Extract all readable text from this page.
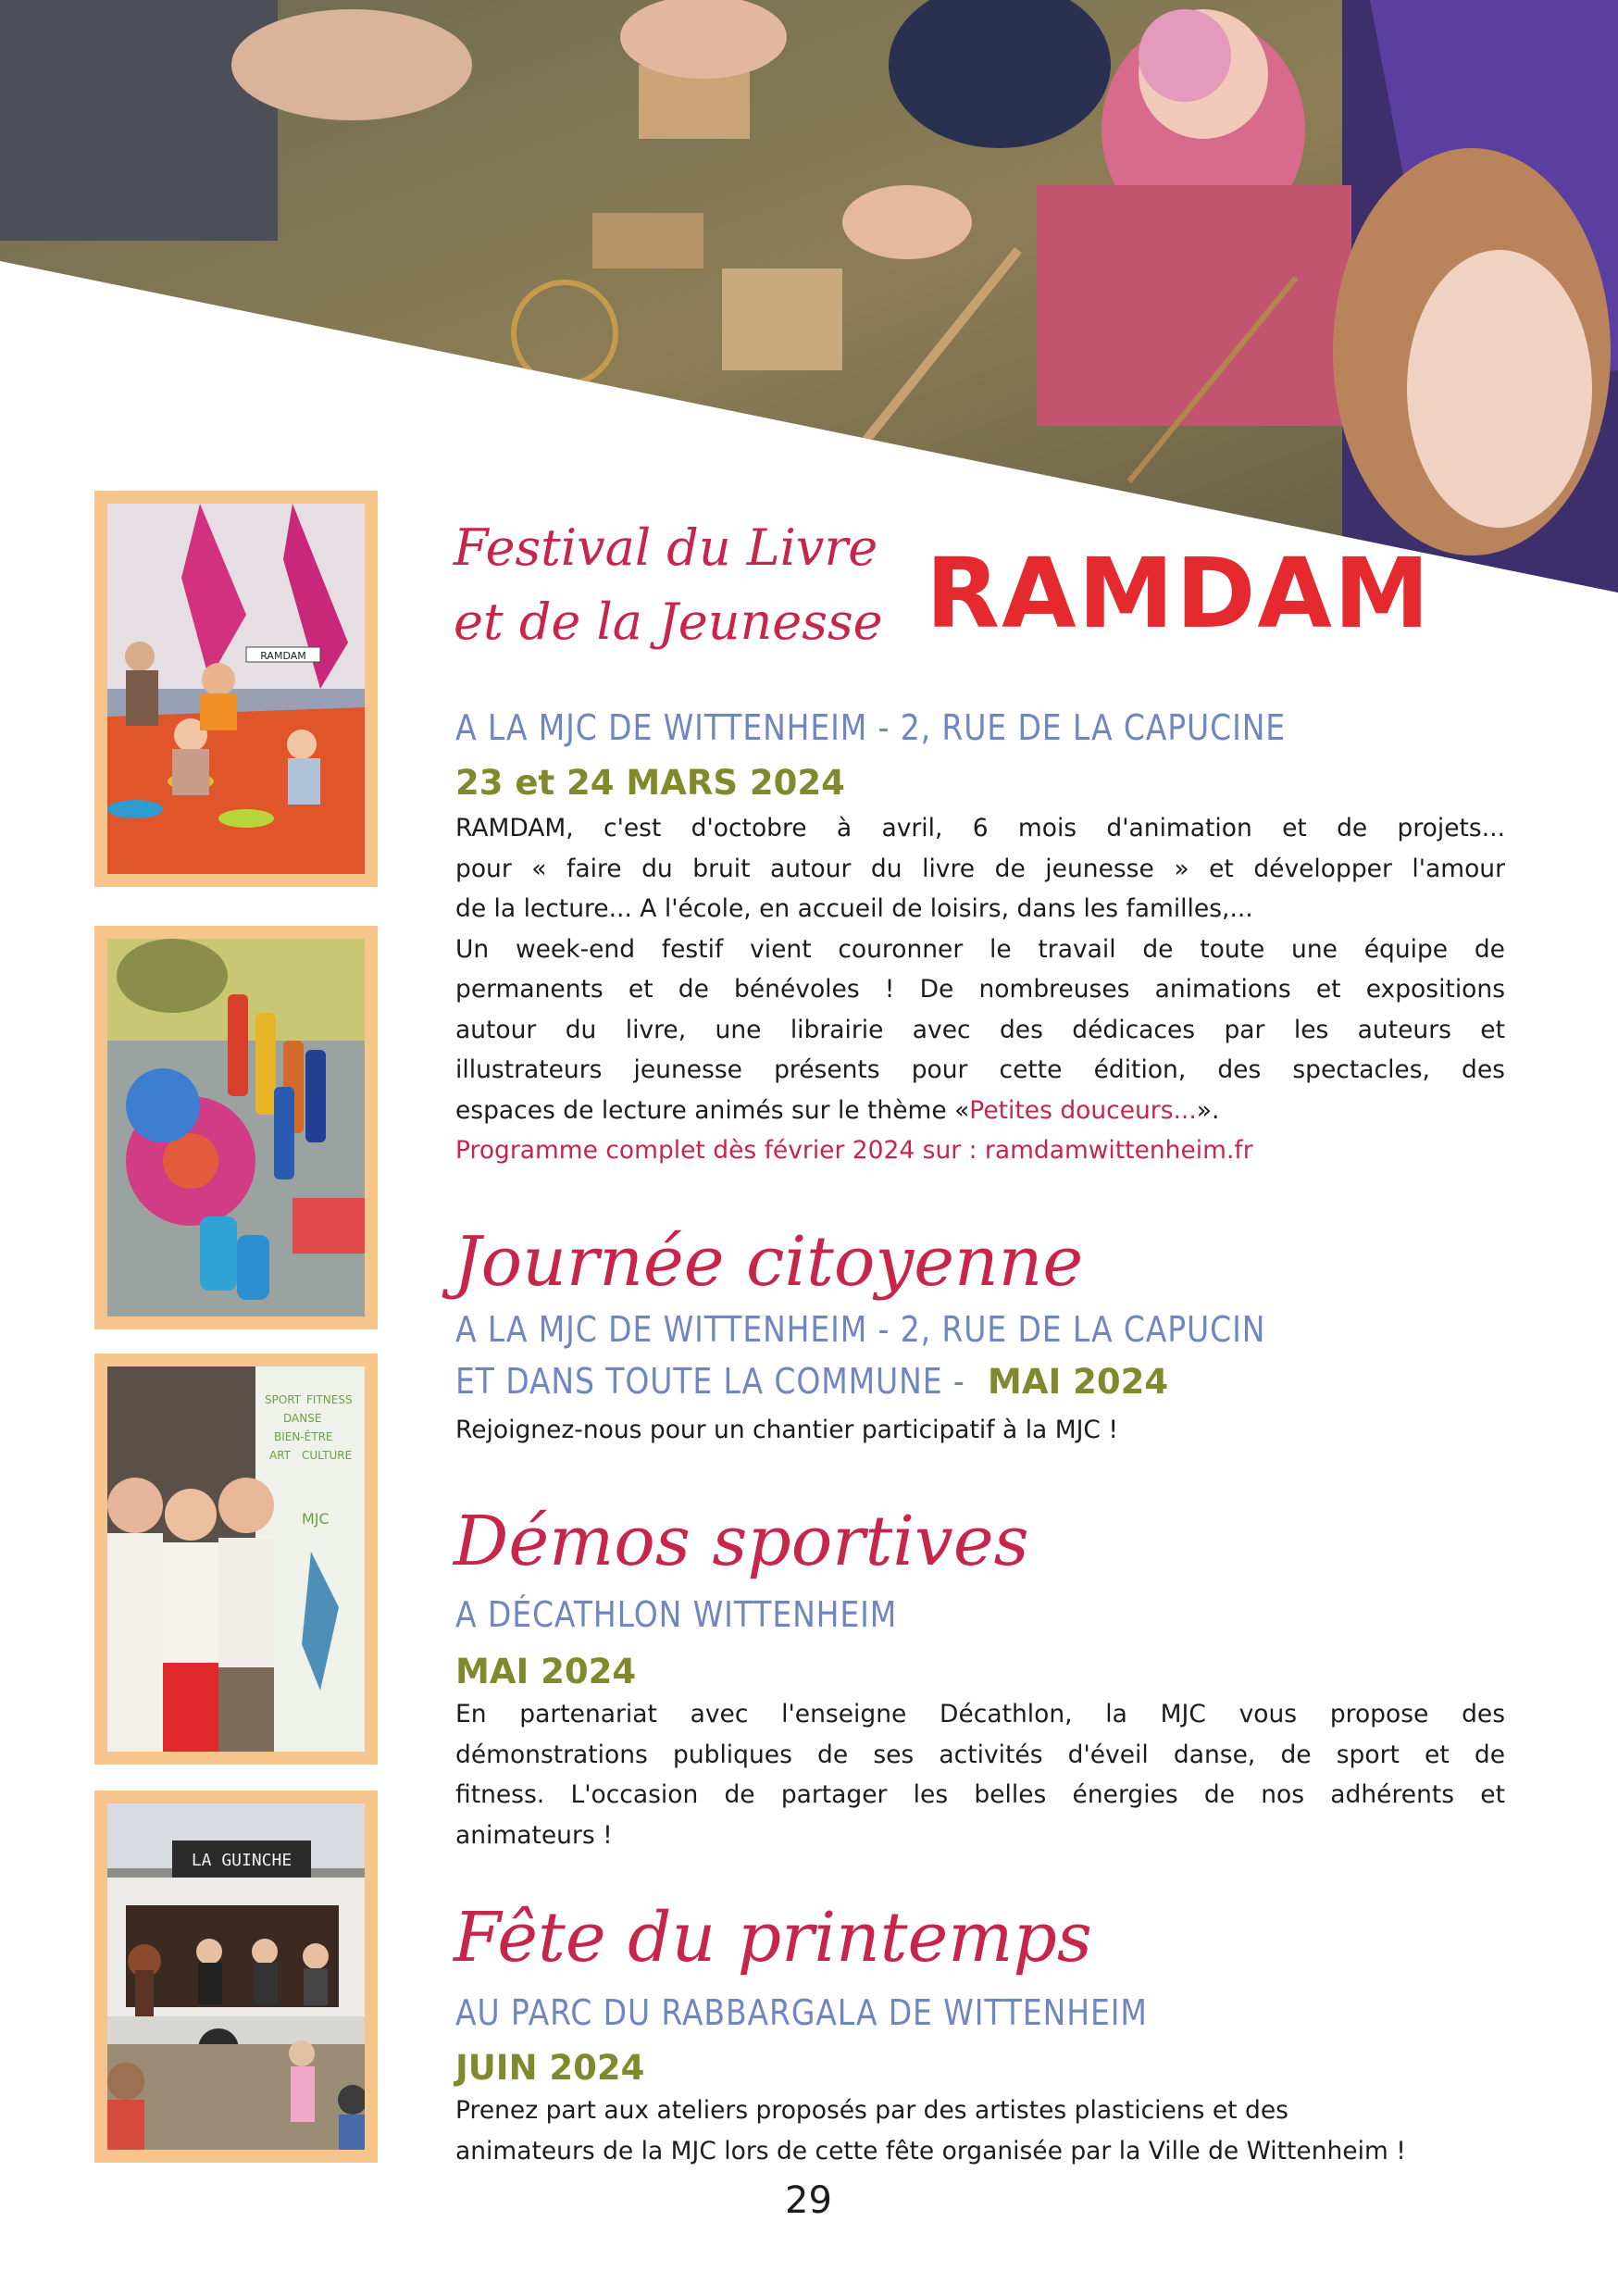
RAMDAM
SPORT FITNESS
DANSE
BIEN-ÊTRE
ART CULTURE
MJC
LA GUINCHE
Festival du Livre
et de la Jeunesse RAMDAM
A LA MJC DE WITTENHEIM - 2, RUE DE LA CAPUCINE
23 et 24 MARS 2024
RAMDAM, c'est d'octobre à avril, 6 mois d'animation et de projets...
pour « faire du bruit autour du livre de jeunesse » et développer l'amour
de la lecture... A l'école, en accueil de loisirs, dans les familles,...
Un week-end festif vient couronner le travail de toute une équipe de
permanents et de bénévoles ! De nombreuses animations et expositions
autour du livre, une librairie avec des dédicaces par les auteurs et
illustrateurs jeunesse présents pour cette édition, des spectacles, des
espaces de lecture animés sur le thème «Petites douceurs...».
Programme complet dès février 2024 sur : ramdamwittenheim.fr
Journée citoyenne
A LA MJC DE WITTENHEIM - 2, RUE DE LA CAPUCIN
ET DANS TOUTE LA COMMUNE -MAI 2024
Rejoignez-nous pour un chantier participatif à la MJC !
Démos sportives
A DÉCATHLON WITTENHEIM
MAI 2024
En partenariat avec l'enseigne Décathlon, la MJC vous propose des
démonstrations publiques de ses activités d'éveil danse, de sport et de
fitness. L'occasion de partager les belles énergies de nos adhérents et
animateurs !
Fête du printemps
AU PARC DU RABBARGALA DE WITTENHEIM
JUIN 2024
Prenez part aux ateliers proposés par des artistes plasticiens et des
animateurs de la MJC lors de cette fête organisée par la Ville de Wittenheim !
29
